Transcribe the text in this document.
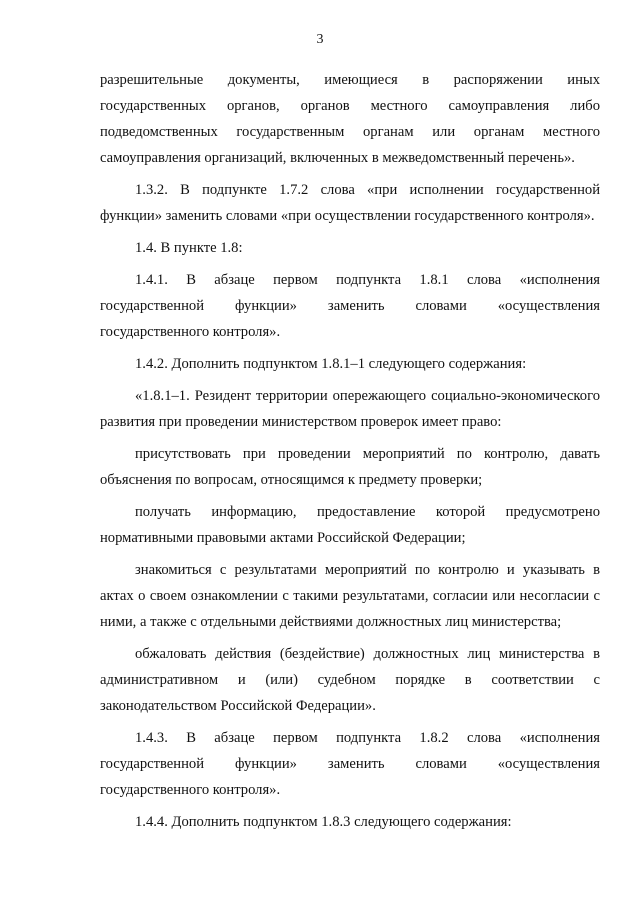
3

разрешительные документы, имеющиеся в распоряжении иных государственных органов, органов местного самоуправления либо подведомственных государственным органам или органам местного самоуправления организаций, включенных в межведомственный перечень».

1.3.2. В подпункте 1.7.2 слова «при исполнении государственной функции» заменить словами «при осуществлении государственного контроля».

1.4. В пункте 1.8:

1.4.1. В абзаце первом подпункта 1.8.1 слова «исполнения государственной функции» заменить словами «осуществления государственного контроля».

1.4.2. Дополнить подпунктом 1.8.1–1 следующего содержания:

«1.8.1–1. Резидент территории опережающего социально-экономического развития при проведении министерством проверок имеет право:

присутствовать при проведении мероприятий по контролю, давать объяснения по вопросам, относящимся к предмету проверки;

получать информацию, предоставление которой предусмотрено нормативными правовыми актами Российской Федерации;

знакомиться с результатами мероприятий по контролю и указывать в актах о своем ознакомлении с такими результатами, согласии или несогласии с ними, а также с отдельными действиями должностных лиц министерства;

обжаловать действия (бездействие) должностных лиц министерства в административном и (или) судебном порядке в соответствии с законодательством Российской Федерации».

1.4.3. В абзаце первом подпункта 1.8.2 слова «исполнения государственной функции» заменить словами «осуществления государственного контроля».

1.4.4. Дополнить подпунктом 1.8.3 следующего содержания:
